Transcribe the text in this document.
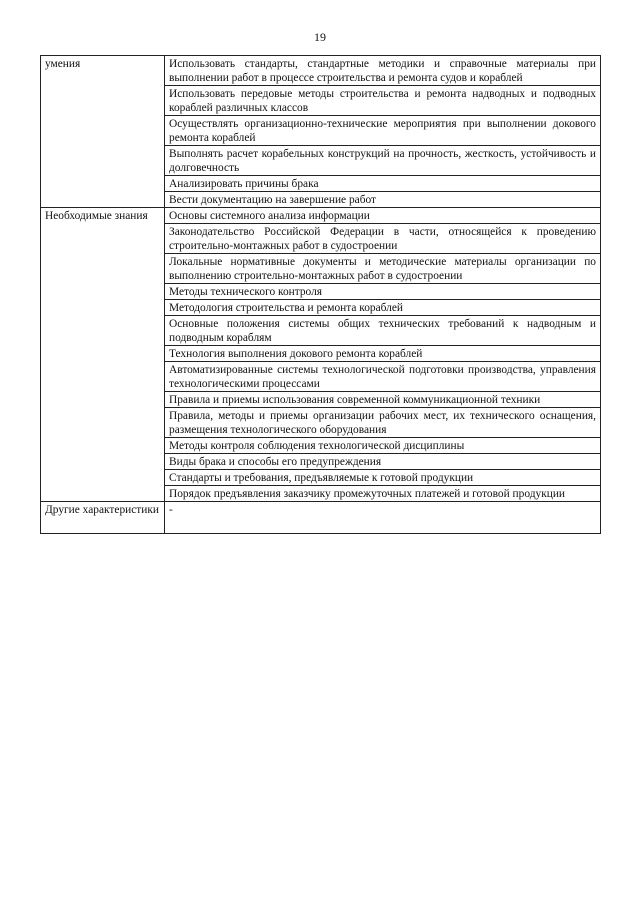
19
умения	Использовать стандарты, стандартные методики и справочные материалы при выполнении работ в процессе строительства и ремонта судов и кораблей
	Использовать передовые методы строительства и ремонта надводных и подводных кораблей различных классов
	Осуществлять организационно-технические мероприятия при выполнении докового ремонта кораблей
	Выполнять расчет корабельных конструкций на прочность, жесткость, устойчивость и долговечность
	Анализировать причины брака
	Вести документацию на завершение работ
Необходимые знания	Основы системного анализа информации
	Законодательство Российской Федерации в части, относящейся к проведению строительно-монтажных работ в судостроении
	Локальные нормативные документы и методические материалы организации по выполнению строительно-монтажных работ в судостроении
	Методы технического контроля
	Методология строительства и ремонта кораблей
	Основные положения системы общих технических требований к надводным и подводным кораблям
	Технология выполнения докового ремонта кораблей
	Автоматизированные системы технологической подготовки производства, управления технологическими процессами
	Правила и приемы использования современной коммуникационной техники
	Правила, методы и приемы организации рабочих мест, их технического оснащения, размещения технологического оборудования
	Методы контроля соблюдения технологической дисциплины
	Виды брака и способы его предупреждения
	Стандарты и требования, предъявляемые к готовой продукции
	Порядок предъявления заказчику промежуточных платежей и готовой продукции
Другие характеристики	-
